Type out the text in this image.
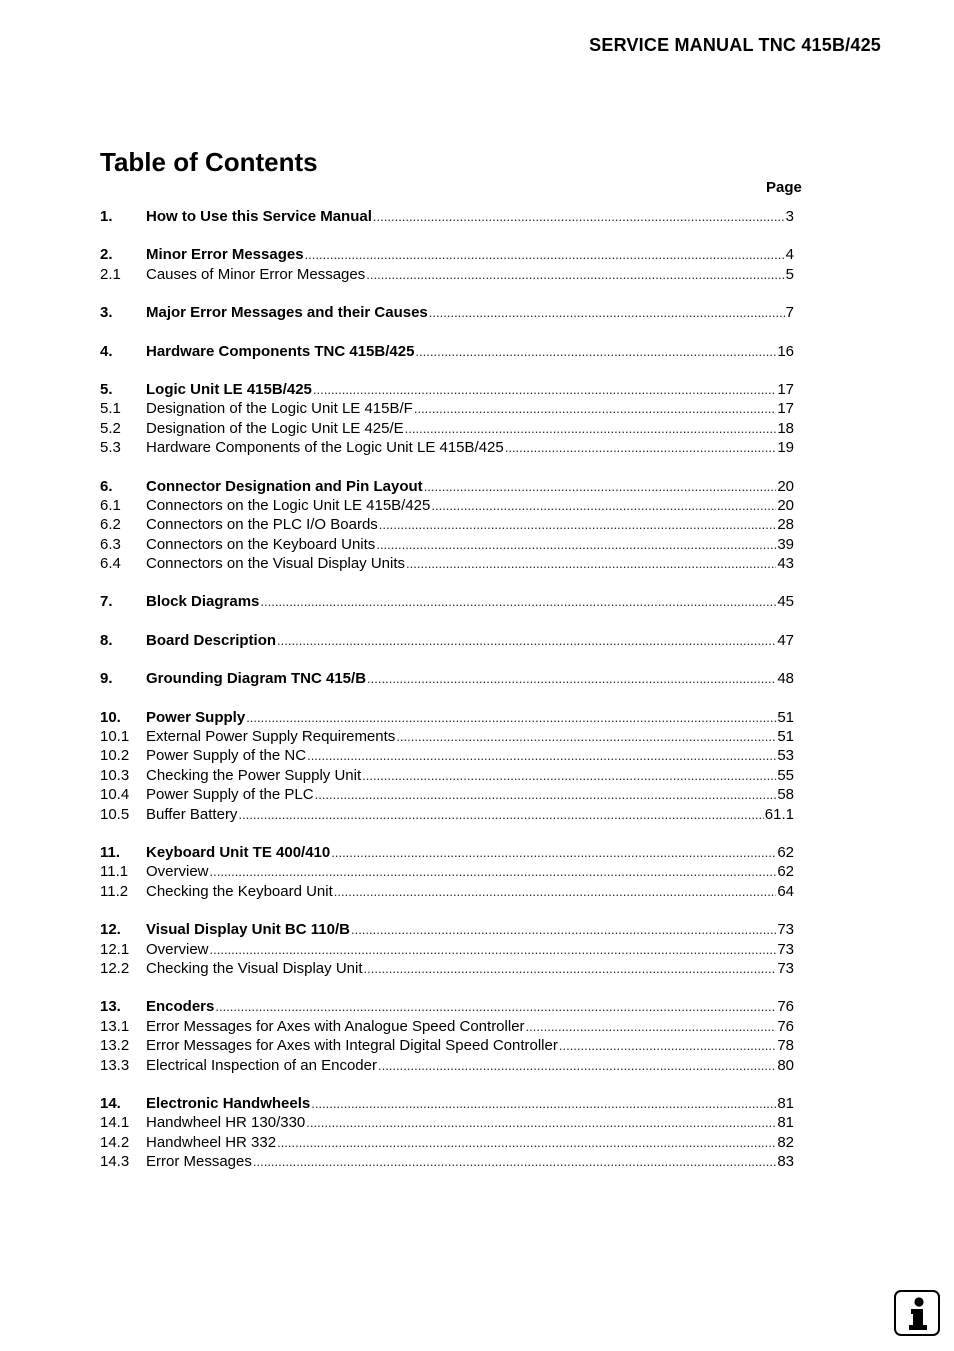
SERVICE MANUAL TNC 415B/425
Table of Contents
Page
1.	How to Use this Service Manual .....	3
2.	Minor Error Messages .....	4
2.1	Causes of Minor Error Messages .....	5
3.	Major Error Messages and their Causes .....	7
4.	Hardware Components TNC 415B/425 .....	16
5.	Logic Unit LE 415B/425 .....	17
5.1	Designation of the Logic Unit LE 415B/F .....	17
5.2	Designation of the Logic Unit LE 425/E .....	18
5.3	Hardware Components of the Logic Unit LE 415B/425 .....	19
6.	Connector Designation and Pin Layout .....	20
6.1	Connectors on the Logic Unit LE 415B/425 .....	20
6.2	Connectors on the PLC I/O Boards .....	28
6.3	Connectors on the Keyboard Units .....	39
6.4	Connectors on the Visual Display Units .....	43
7.	Block Diagrams .....	45
8.	Board Description .....	47
9.	Grounding Diagram TNC 415/B .....	48
10.	Power Supply .....	51
10.1	External Power Supply Requirements .....	51
10.2	Power Supply of the NC .....	53
10.3	Checking the Power Supply Unit .....	55
10.4	Power Supply of the PLC .....	58
10.5	Buffer Battery .....	61.1
11.	Keyboard Unit TE 400/410 .....	62
11.1	Overview .....	62
11.2	Checking the Keyboard Unit .....	64
12.	Visual Display Unit BC 110/B .....	73
12.1	Overview .....	73
12.2	Checking the Visual Display Unit .....	73
13.	Encoders .....	76
13.1	Error Messages for Axes with Analogue Speed Controller .....	76
13.2	Error Messages for Axes with Integral Digital Speed Controller .....	78
13.3	Electrical Inspection of an Encoder .....	80
14.	Electronic Handwheels .....	81
14.1	Handwheel HR 130/330 .....	81
14.2	Handwheel HR 332 .....	82
14.3	Error Messages .....	83
